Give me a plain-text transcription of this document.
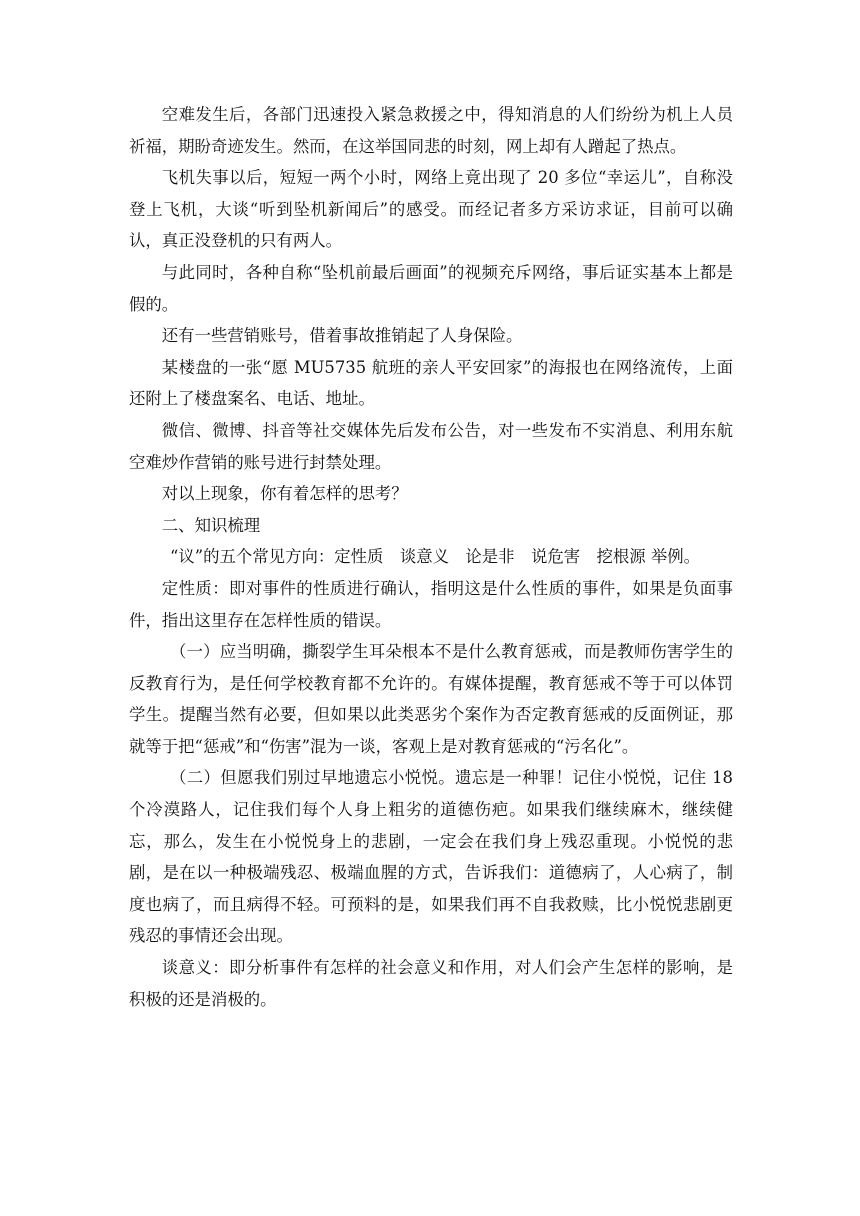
空难发生后，各部门迅速投入紧急救援之中，得知消息的人们纷纷为机上人员祈福，期盼奇迹发生。然而，在这举国同悲的时刻，网上却有人蹭起了热点。

飞机失事以后，短短一两个小时，网络上竟出现了 20 多位“幸运儿”，自称没登上飞机，大谈“听到坠机新闻后”的感受。而经记者多方采访求证，目前可以确认，真正没登机的只有两人。

与此同时，各种自称“坠机前最后画面”的视频充斥网络，事后证实基本上都是假的。

还有一些营销账号，借着事故推销起了人身保险。

某楼盘的一张“愿 MU5735 航班的亲人平安回家”的海报也在网络流传，上面还附上了楼盘案名、电话、地址。

微信、微博、抖音等社交媒体先后发布公告，对一些发布不实消息、利用东航空难炒作营销的账号进行封禁处理。

对以上现象，你有着怎样的思考？

二、知识梳理

“议”的五个常见方向：定性质　谈意义　论是非　说危害　挖根源 举例。

定性质：即对事件的性质进行确认，指明这是什么性质的事件，如果是负面事件，指出这里存在怎样性质的错误。

（一）应当明确，撕裂学生耳朵根本不是什么教育惩戒，而是教师伤害学生的反教育行为，是任何学校教育都不允许的。有媒体提醒，教育惩戒不等于可以体罚学生。提醒当然有必要，但如果以此类恶劣个案作为否定教育惩戒的反面例证，那就等于把“惩戒”和“伤害”混为一谈，客观上是对教育惩戒的“污名化”。

（二）但愿我们别过早地遗忘小悦悦。遗忘是一种罪！记住小悦悦，记住 18 个冷漠路人，记住我们每个人身上粗劣的道德伤疤。如果我们继续麻木，继续健忘，那么，发生在小悦悦身上的悲剧，一定会在我们身上残忍重现。小悦悦的悲剧，是在以一种极端残忍、极端血腥的方式，告诉我们：道德病了，人心病了，制度也病了，而且病得不轻。可预料的是，如果我们再不自我救赎，比小悦悦悲剧更残忍的事情还会出现。

谈意义：即分析事件有怎样的社会意义和作用，对人们会产生怎样的影响，是积极的还是消极的。
